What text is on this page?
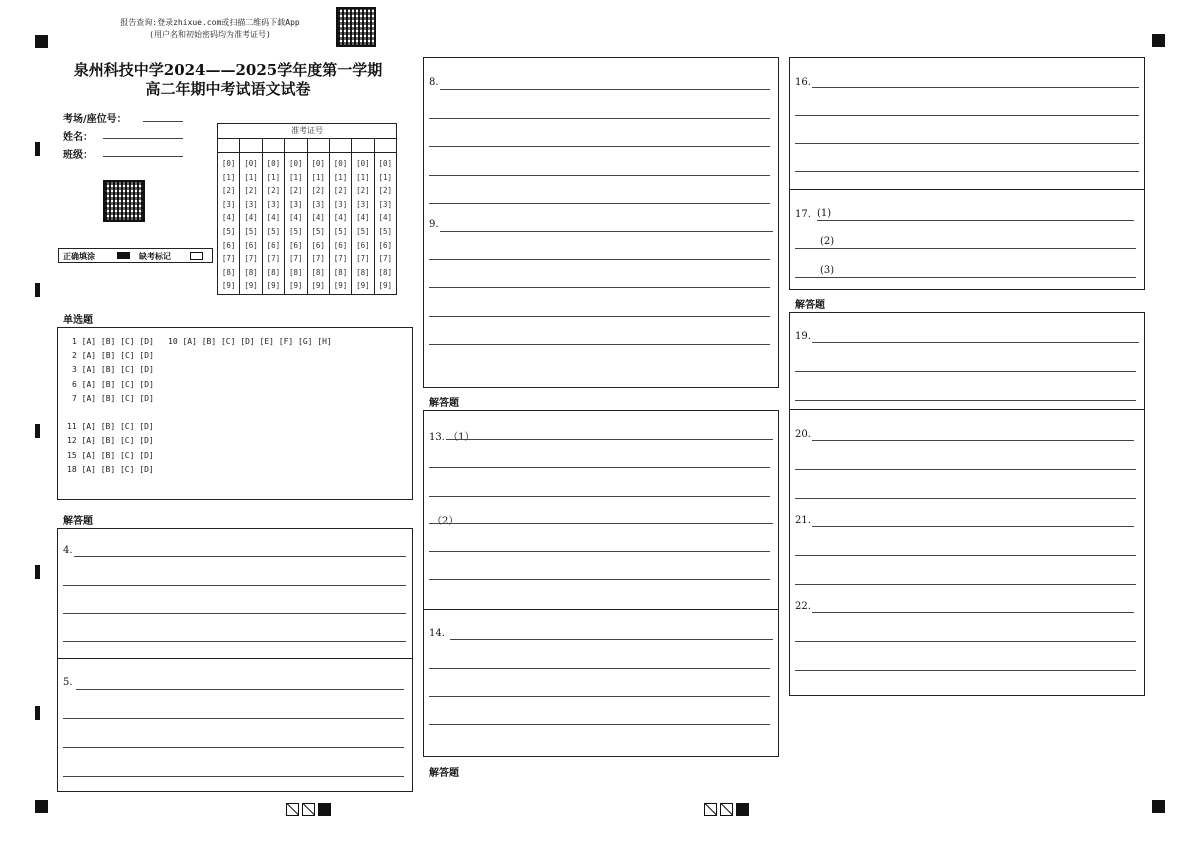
报告查询:登录zhixue.com或扫描二维码下载App
(用户名和初始密码均为准考证号)
泉州科技中学2024——2025学年度第一学期
高二年期中考试语文试卷
考场/座位号：
姓名：
班级：
准考证号
[0]
[1]
[2]
[3]
[4]
[5]
[6]
[7]
[8]
[9]
[0]
[1]
[2]
[3]
[4]
[5]
[6]
[7]
[8]
[9]
[0]
[1]
[2]
[3]
[4]
[5]
[6]
[7]
[8]
[9]
[0]
[1]
[2]
[3]
[4]
[5]
[6]
[7]
[8]
[9]
[0]
[1]
[2]
[3]
[4]
[5]
[6]
[7]
[8]
[9]
[0]
[1]
[2]
[3]
[4]
[5]
[6]
[7]
[8]
[9]
[0]
[1]
[2]
[3]
[4]
[5]
[6]
[7]
[8]
[9]
[0]
[1]
[2]
[3]
[4]
[5]
[6]
[7]
[8]
[9]
正确填涂	缺考标记
单选题
1 [A] [B] [C] [D] 10 [A] [B] [C] [D] [E] [F] [G] [H]
2 [A] [B] [C] [D]
3 [A] [B] [C] [D]
6 [A] [B] [C] [D]
7 [A] [B] [C] [D]
11 [A] [B] [C] [D]
12 [A] [B] [C] [D]
15 [A] [B] [C] [D]
18 [A] [B] [C] [D]
解答题
4.
5.
8.
9.
解答题
13. （1）
（2）
14.
解答题
16.
17. (1)
(2)
(3)
解答题
19.
20.
21.
22.
